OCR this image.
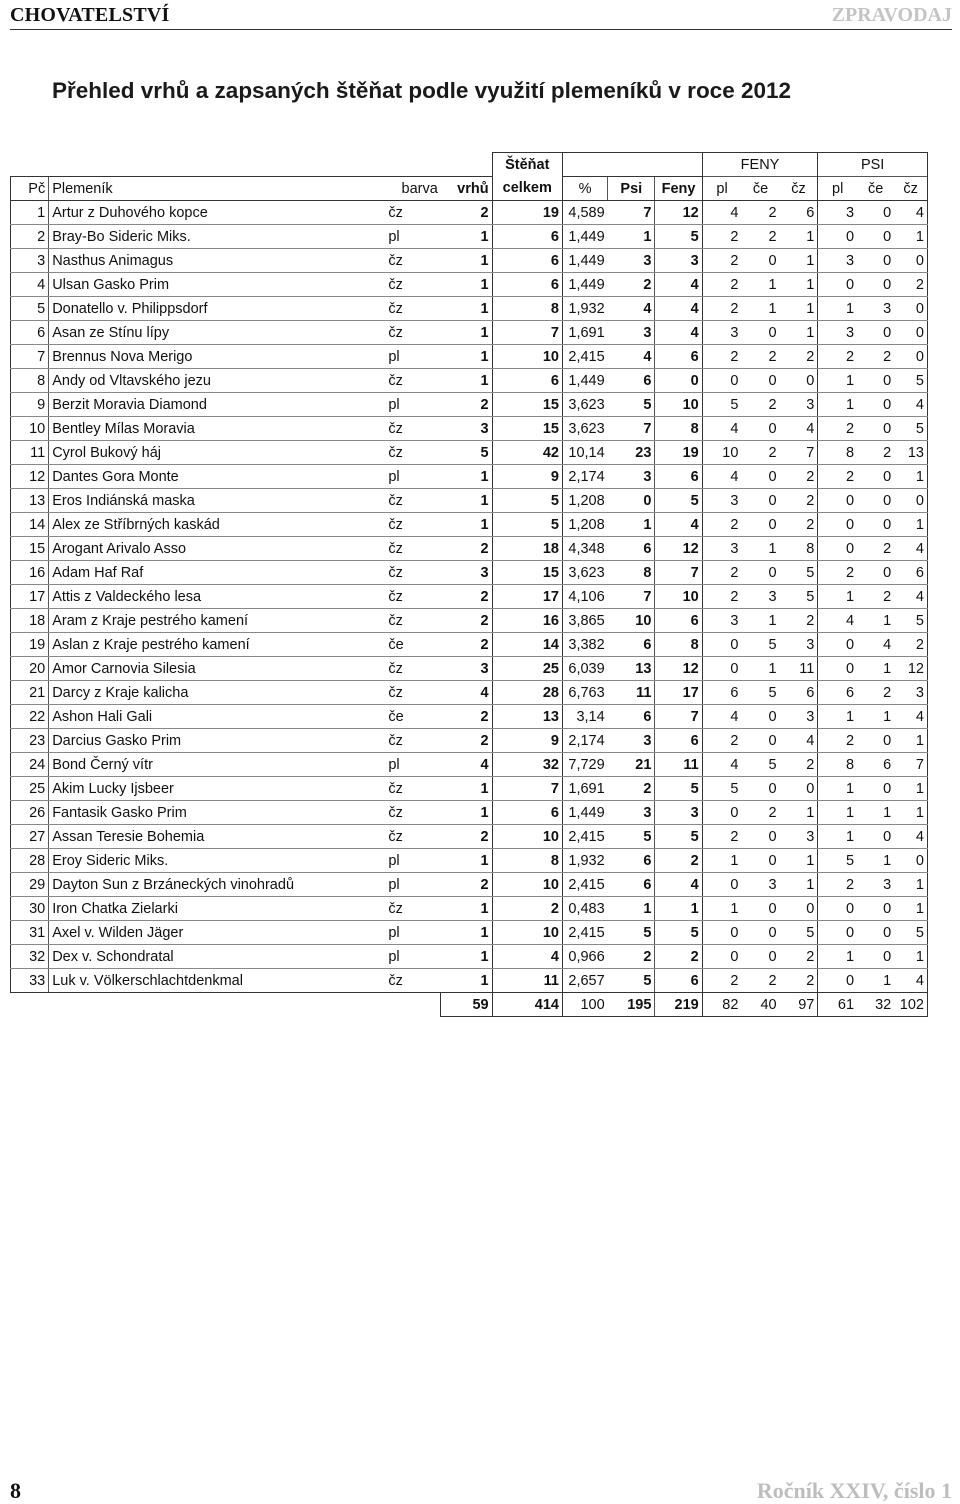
CHOVATELSTVÍ	ZPRAVODAJ
Přehled vrhů a zapsaných štěňat podle využití plemeníků v roce 2012
				Štěňat				FENY			PSI		
Pč	Plemeník	barva	vrhů	celkem	%	Psi	Feny	pl	če	čz	pl	če	čz
1	Artur z Duhového kopce	čz	2	19	4,589	7	12	4	2	6	3	0	4
2	Bray-Bo Sideric Miks.	pl	1	6	1,449	1	5	2	2	1	0	0	1
3	Nasthus Animagus	čz	1	6	1,449	3	3	2	0	1	3	0	0
4	Ulsan Gasko Prim	čz	1	6	1,449	2	4	2	1	1	0	0	2
5	Donatello v. Philippsdorf	čz	1	8	1,932	4	4	2	1	1	1	3	0
6	Asan ze Stínu lípy	čz	1	7	1,691	3	4	3	0	1	3	0	0
7	Brennus Nova Merigo	pl	1	10	2,415	4	6	2	2	2	2	2	0
8	Andy od Vltavského jezu	čz	1	6	1,449	6	0	0	0	0	1	0	5
9	Berzit Moravia Diamond	pl	2	15	3,623	5	10	5	2	3	1	0	4
10	Bentley Mílas Moravia	čz	3	15	3,623	7	8	4	0	4	2	0	5
11	Cyrol Bukový háj	čz	5	42	10,14	23	19	10	2	7	8	2	13
12	Dantes Gora Monte	pl	1	9	2,174	3	6	4	0	2	2	0	1
13	Eros Indiánská maska	čz	1	5	1,208	0	5	3	0	2	0	0	0
14	Alex ze Stříbrných kaskád	čz	1	5	1,208	1	4	2	0	2	0	0	1
15	Arogant Arivalo Asso	čz	2	18	4,348	6	12	3	1	8	0	2	4
16	Adam Haf Raf	čz	3	15	3,623	8	7	2	0	5	2	0	6
17	Attis z Valdeckého lesa	čz	2	17	4,106	7	10	2	3	5	1	2	4
18	Aram z Kraje pestrého kamení	čz	2	16	3,865	10	6	3	1	2	4	1	5
19	Aslan z Kraje pestrého kamení	če	2	14	3,382	6	8	0	5	3	0	4	2
20	Amor Carnovia Silesia	čz	3	25	6,039	13	12	0	1	11	0	1	12
21	Darcy z Kraje kalicha	čz	4	28	6,763	11	17	6	5	6	6	2	3
22	Ashon Hali Gali	če	2	13	3,14	6	7	4	0	3	1	1	4
23	Darcius Gasko Prim	čz	2	9	2,174	3	6	2	0	4	2	0	1
24	Bond Černý vítr	pl	4	32	7,729	21	11	4	5	2	8	6	7
25	Akim Lucky Ijsbeer	čz	1	7	1,691	2	5	5	0	0	1	0	1
26	Fantasik Gasko Prim	čz	1	6	1,449	3	3	0	2	1	1	1	1
27	Assan Teresie Bohemia	čz	2	10	2,415	5	5	2	0	3	1	0	4
28	Eroy Sideric Miks.	pl	1	8	1,932	6	2	1	0	1	5	1	0
29	Dayton Sun z Brzáneckých vinohradů	pl	2	10	2,415	6	4	0	3	1	2	3	1
30	Iron Chatka Zielarki	čz	1	2	0,483	1	1	1	0	0	0	0	1
31	Axel v. Wilden Jäger	pl	1	10	2,415	5	5	0	0	5	0	0	5
32	Dex v. Schondratal	pl	1	4	0,966	2	2	0	0	2	1	0	1
33	Luk v. Völkerschlachtdenkmal	čz	1	11	2,657	5	6	2	2	2	0	1	4
			59	414	100	195	219	82	40	97	61	32	102
8	Ročník XXIV, číslo 1
